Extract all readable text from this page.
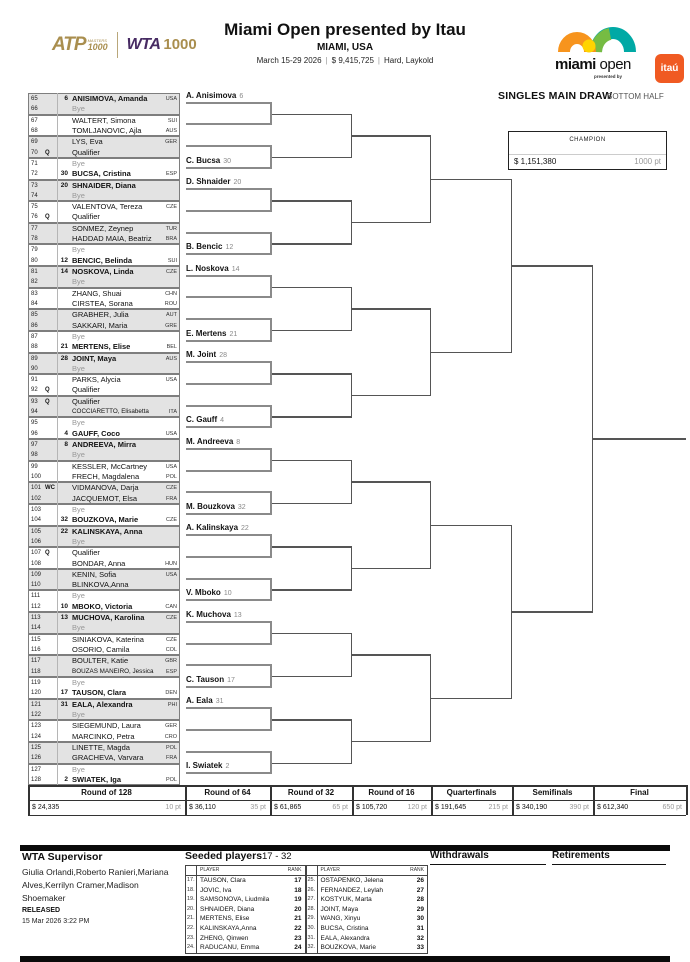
ATP MASTERS
1000 WTA 1000
Miami Open presented by Itau
MIAMI, USA
March 15-29 2026 | $ 9,415,725 | Hard, Laykold	miami open
presented by
itaú
SINGLES MAIN DRAW
BOTTOM HALF
CHAMPION
$ 1,151,380	1000 pt
65	6 ANISIMOVA, Amanda	USA
66	Bye
67	WALTERT, Simona	SUI
68	TOMLJANOVIC, Ajla	AUS
69	LYS, Eva	GER
70	Q	Qualifier
71	Bye
72	30 BUCSA, Cristina	ESP
73	20 SHNAIDER, Diana
74	Bye
75	VALENTOVA, Tereza	CZE
76	Q	Qualifier
77	SONMEZ, Zeynep	TUR
78	HADDAD MAIA, Beatriz	BRA
79	Bye
80	12 BENCIC, Belinda	SUI
81	14 NOSKOVA, Linda	CZE
82	Bye
83	ZHANG, Shuai	CHN
84	CIRSTEA, Sorana	ROU
85	GRABHER, Julia	AUT
86	SAKKARI, Maria	GRE
87	Bye
88	21 MERTENS, Elise	BEL
89	28 JOINT, Maya	AUS
90	Bye
91	PARKS, Alycia	USA
92	Q	Qualifier
93	Q	Qualifier
94	COCCIARETTO, Elisabetta	ITA
95	Bye
96	4 GAUFF, Coco	USA
97	8 ANDREEVA, Mirra
98	Bye
99	KESSLER, McCartney	USA
100	FRECH, Magdalena	POL
101 WC VIDMANOVA, Darja	CZE
102	JACQUEMOT, Elsa	FRA
103	Bye
104	32 BOUZKOVA, Marie	CZE
105	22 KALINSKAYA, Anna
106	Bye
107 Q	Qualifier
108	BONDAR, Anna	HUN
109	KENIN, Sofia	USA
110	BLINKOVA,Anna
111	Bye
112	10 MBOKO, Victoria	CAN
113	13 MUCHOVA, Karolina	CZE
114	Bye
115	SINIAKOVA, Katerina	CZE
116	OSORIO, Camila	COL
117	BOULTER, Katie	GBR
118	BOUZAS MANEIRO, Jessica	ESP
119	Bye
120	17 TAUSON, Clara	DEN
121	31 EALA, Alexandra	PHI
122	Bye
123	SIEGEMUND, Laura	GER
124	MARCINKO, Petra	CRO
125	LINETTE, Magda	POL
126	GRACHEVA, Varvara	FRA
127	Bye
128	2 SWIATEK, Iga	POL
A. Anisimova 6
C. Bucsa 30
D. Shnaider 20
B. Bencic 12
L. Noskova 14
E. Mertens 21
M. Joint 28
C. Gauff 4
M. Andreeva 8
M. Bouzkova 32
A. Kalinskaya 22
V. Mboko 10
K. Muchova 13
C. Tauson 17
A. Eala 31
I. Swiatek 2
Round of 128
$ 24,335	10 pt
Round of 64
$ 36,110	35 pt
Round of 32
$ 61,865	65 pt
Round of 16
$ 105,720	120 pt
Quarterfinals
$ 191,645	215 pt
Semifinals
$ 340,190	390 pt
Final
$ 612,340	650 pt
WTA Supervisor
Giulia Orlandi,Roberto Ranieri,Mariana Alves,Kerrilyn Cramer,Madison Shoemaker
RELEASED
15 Mar 2026 3:22 PM
Seeded players 17 - 32
PLAYER	RANK
17. TAUSON, Clara	17
18. JOVIC, Iva	18
19. SAMSONOVA, Liudmila	19
20. SHNAIDER, Diana	20
21. MERTENS, Elise	21
22. KALINSKAYA,Anna	22
23. ZHENG, Qinwen	23
24. RADUCANU, Emma	24
PLAYER	RANK
25. OSTAPENKO, Jelena	26
26. FERNANDEZ, Leylah	27
27. KOSTYUK, Marta	28
28. JOINT, Maya	29
29. WANG, Xinyu	30
30. BUCSA, Cristina	31
31. EALA, Alexandra	32
32. BOUZKOVA, Marie	33
Withdrawals	Retirements
